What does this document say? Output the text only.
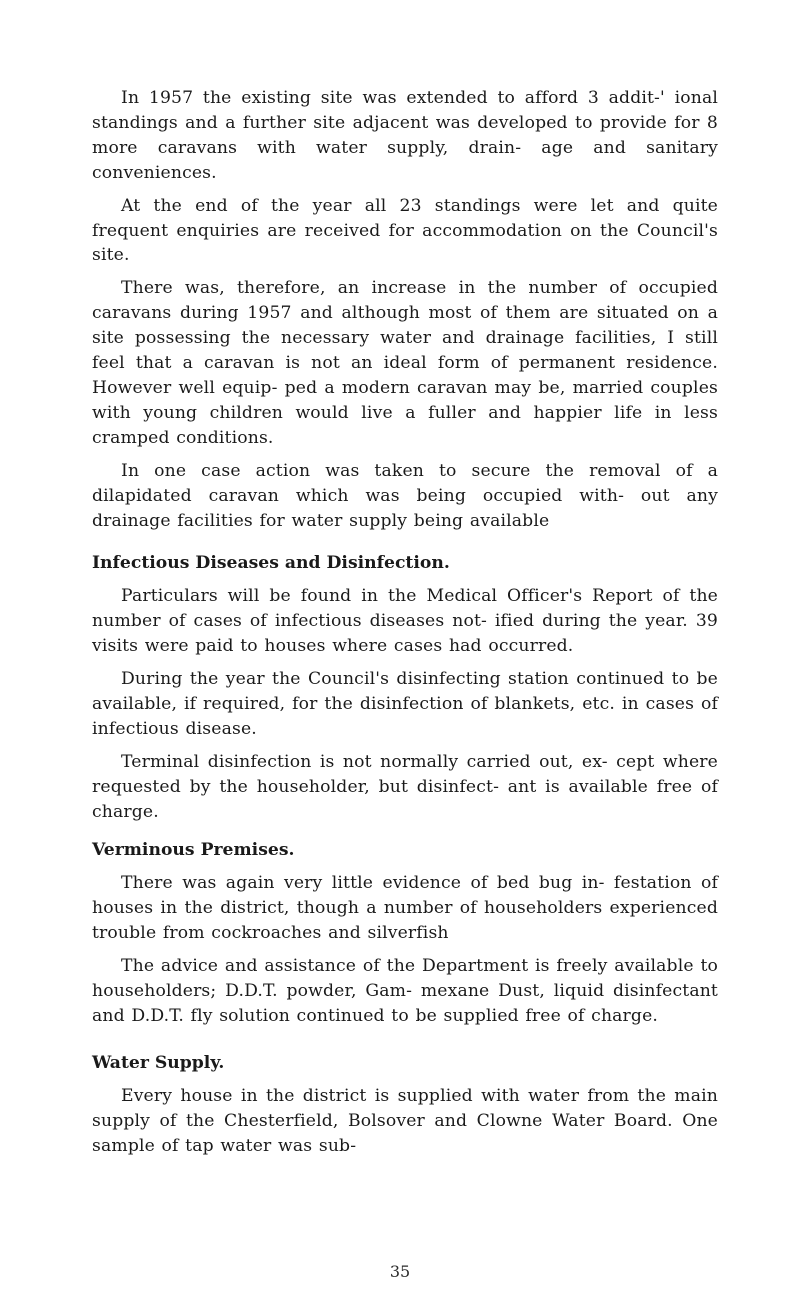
In 1957 the existing site was extended to afford 3 addit-' ional standings and a further site adjacent was developed to provide for 8 more caravans with water supply, drain- age and sanitary conveniences.

At the end of the year all 23 standings were let and quite frequent enquiries are received for accommodation on the Council's site.

There was, therefore, an increase in the number of occupied caravans during 1957 and although most of them are situated on a site possessing the necessary water and drainage facilities, I still feel that a caravan is not an ideal form of permanent residence. However well equip- ped a modern caravan may be, married couples with young children would live a fuller and happier life in less cramped conditions.

In one case action was taken to secure the removal of a dilapidated caravan which was being occupied with- out any drainage facilities for water supply being available

Infectious Diseases and Disinfection.

Particulars will be found in the Medical Officer's Report of the number of cases of infectious diseases not- ified during the year. 39 visits were paid to houses where cases had occurred.

During the year the Council's disinfecting station continued to be available, if required, for the disinfection of blankets, etc. in cases of infectious disease.

Terminal disinfection is not normally carried out, ex- cept where requested by the householder, but disinfect- ant is available free of charge.

Verminous Premises.

There was again very little evidence of bed bug in- festation of houses in the district, though a number of householders experienced trouble from cockroaches and silverfish

The advice and assistance of the Department is freely available to householders; D.D.T. powder, Gam- mexane Dust, liquid disinfectant and D.D.T. fly solution continued to be supplied free of charge.

Water Supply.

Every house in the district is supplied with water from the main supply of the Chesterfield, Bolsover and Clowne Water Board. One sample of tap water was sub-

35
